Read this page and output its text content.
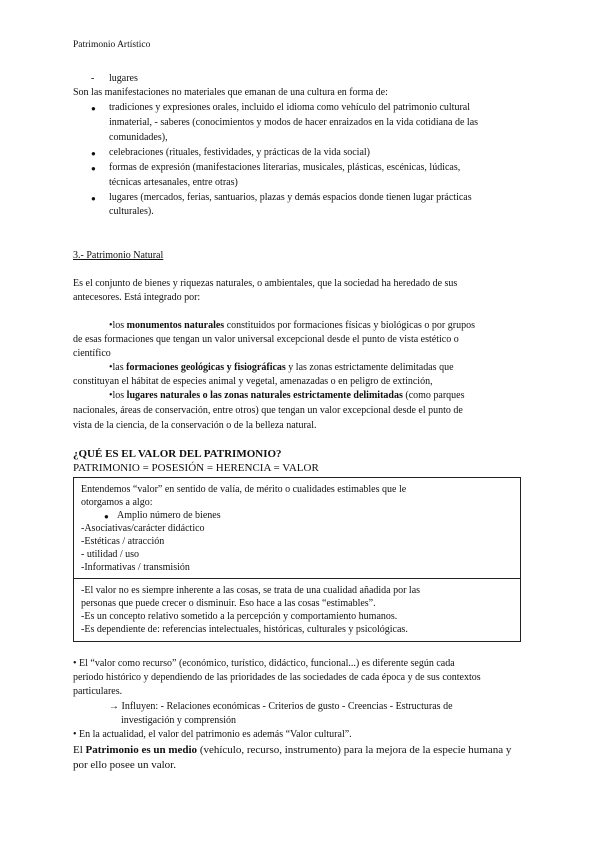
Patrimonio Artístico
- lugares
Son las manifestaciones no materiales que emanan de una cultura en forma de:
● tradiciones y expresiones orales, incluido el idioma como vehículo del patrimonio cultural
inmaterial, - saberes (conocimientos y modos de hacer enraizados en la vida cotidiana de las
comunidades),
● celebraciones (rituales, festividades, y prácticas de la vida social)
● formas de expresión (manifestaciones literarias, musicales, plásticas, escénicas, lúdicas,
técnicas artesanales, entre otras)
● lugares (mercados, ferias, santuarios, plazas y demás espacios donde tienen lugar prácticas
culturales).
3.- Patrimonio Natural
Es el conjunto de bienes y riquezas naturales, o ambientales, que la sociedad ha heredado de sus
antecesores. Está integrado por:
•los monumentos naturales constituidos por formaciones físicas y biológicas o por grupos
de esas formaciones que tengan un valor universal excepcional desde el punto de vista estético o
científico
•las formaciones geológicas y fisiográficas y las zonas estrictamente delimitadas que
constituyan el hábitat de especies animal y vegetal, amenazadas o en peligro de extinción,
•los lugares naturales o las zonas naturales estrictamente delimitadas (como parques
nacionales, áreas de conservación, entre otros) que tengan un valor excepcional desde el punto de
vista de la ciencia, de la conservación o de la belleza natural.
¿QUÉ ES EL VALOR DEL PATRIMONIO?
PATRIMONIO = POSESIÓN = HERENCIA = VALOR
Entendemos “valor” en sentido de valía, de mérito o cualidades estimables que le
otorgamos a algo:
● Amplio número de bienes
-Asociativas/carácter didáctico
-Estéticas / atracción
- utilidad / uso
-Informativas / transmisión
-El valor no es siempre inherente a las cosas, se trata de una cualidad añadida por las
personas que puede crecer o disminuir. Eso hace a las cosas “estimables”.
-Es un concepto relativo sometido a la percepción y comportamiento humanos.
-Es dependiente de: referencias intelectuales, históricas, culturales y psicológicas.
• El “valor como recurso” (económico, turístico, didáctico, funcional...) es diferente según cada
periodo histórico y dependiendo de las prioridades de las sociedades de cada época y de sus contextos
particulares.
→ Influyen: - Relaciones económicas - Criterios de gusto - Creencias - Estructuras de
investigación y comprensión
• En la actualidad, el valor del patrimonio es además “Valor cultural”.
El Patrimonio es un medio (vehículo, recurso, instrumento) para la mejora de la especie humana y
por ello posee un valor.
